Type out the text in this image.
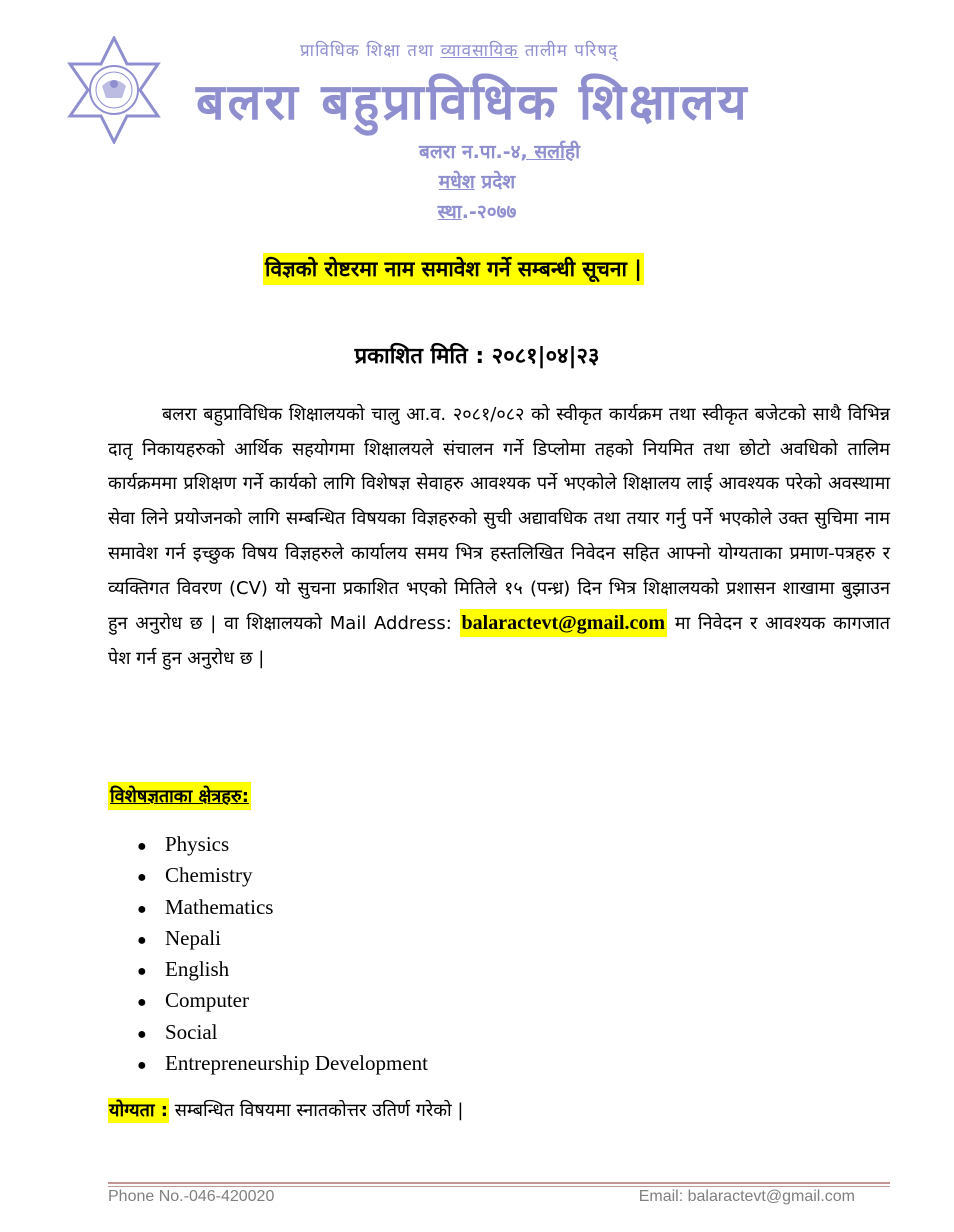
प्राविधिक शिक्षा तथा व्यावसायिक तालीम परिषद्
बलरा बहुप्राविधिक शिक्षालय
बलरा न.पा.-४, सर्लाही
मधेश प्रदेश
स्था.-२०७७
विज्ञको रोष्टरमा नाम समावेश गर्ने सम्बन्धी सूचना |
प्रकाशित मिति : २०८१|०४|२३
बलरा बहुप्राविधिक शिक्षालयको चालु आ.व. २०८१/०८२ को स्वीकृत कार्यक्रम तथा स्वीकृत बजेटको साथै विभिन्न दातृ निकायहरुको आर्थिक सहयोगमा शिक्षालयले संचालन गर्ने डिप्लोमा तहको नियमित तथा छोटो अवधिको तालिम कार्यक्रममा प्रशिक्षण गर्ने कार्यको लागि विशेषज्ञ सेवाहरु आवश्यक पर्ने भएकोले शिक्षालय लाई आवश्यक परेको अवस्थामा सेवा लिने प्रयोजनको लागि सम्बन्धित विषयका विज्ञहरुको सुची अद्यावधिक तथा तयार गर्नु पर्ने भएकोले उक्त सुचिमा नाम समावेश गर्न इच्छुक विषय विज्ञहरुले कार्यालय समय भित्र हस्तलिखित निवेदन सहित आफ्नो योग्यताका प्रमाण-पत्रहरु र व्यक्तिगत विवरण (CV) यो सुचना प्रकाशित भएको मितिले १५ (पन्ध्र) दिन भित्र शिक्षालयको प्रशासन शाखामा बुझाउन हुन अनुरोध छ | वा शिक्षालयको Mail Address: balaractevt@gmail.com मा निवेदन र आवश्यक कागजात पेश गर्न हुन अनुरोध छ |
विशेषज्ञताका क्षेत्रहरु:
● Physics
● Chemistry
● Mathematics
● Nepali
● English
● Computer
● Social
● Entrepreneurship Development
योग्यता : सम्बन्धित विषयमा स्नातकोत्तर उतिर्ण गरेको |
Phone No.-046-420020	Email: balaractevt@gmail.com
